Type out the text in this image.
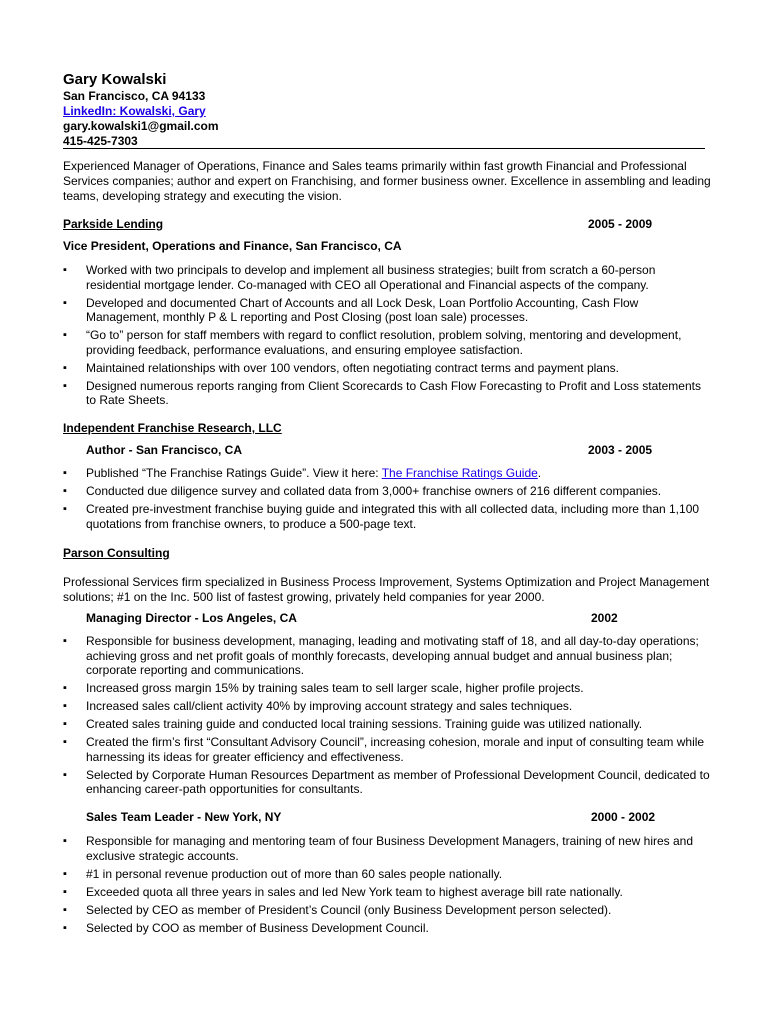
Gary Kowalski
San Francisco, CA 94133
LinkedIn: Kowalski, Gary
gary.kowalski1@gmail.com
415-425-7303
Experienced Manager of Operations, Finance and Sales teams primarily within fast growth Financial and Professional Services companies; author and expert on Franchising, and former business owner. Excellence in assembling and leading teams, developing strategy and executing the vision.
Parkside Lending	2005 - 2009
Vice President, Operations and Finance, San Francisco, CA
▪ Worked with two principals to develop and implement all business strategies; built from scratch a 60-person residential mortgage lender. Co-managed with CEO all Operational and Financial aspects of the company.
▪ Developed and documented Chart of Accounts and all Lock Desk, Loan Portfolio Accounting, Cash Flow Management, monthly P & L reporting and Post Closing (post loan sale) processes.
▪ “Go to” person for staff members with regard to conflict resolution, problem solving, mentoring and development, providing feedback, performance evaluations, and ensuring employee satisfaction.
▪ Maintained relationships with over 100 vendors, often negotiating contract terms and payment plans.
▪ Designed numerous reports ranging from Client Scorecards to Cash Flow Forecasting to Profit and Loss statements to Rate Sheets.
Independent Franchise Research, LLC
Author - San Francisco, CA	2003 - 2005
▪ Published “The Franchise Ratings Guide”. View it here: The Franchise Ratings Guide.
▪ Conducted due diligence survey and collated data from 3,000+ franchise owners of 216 different companies.
▪ Created pre-investment franchise buying guide and integrated this with all collected data, including more than 1,100 quotations from franchise owners, to produce a 500-page text.
Parson Consulting
Professional Services firm specialized in Business Process Improvement, Systems Optimization and Project Management solutions; #1 on the Inc. 500 list of fastest growing, privately held companies for year 2000.
Managing Director - Los Angeles, CA	2002
▪ Responsible for business development, managing, leading and motivating staff of 18, and all day-to-day operations; achieving gross and net profit goals of monthly forecasts, developing annual budget and annual business plan; corporate reporting and communications.
▪ Increased gross margin 15% by training sales team to sell larger scale, higher profile projects.
▪ Increased sales call/client activity 40% by improving account strategy and sales techniques.
▪ Created sales training guide and conducted local training sessions. Training guide was utilized nationally.
▪ Created the firm’s first “Consultant Advisory Council”, increasing cohesion, morale and input of consulting team while harnessing its ideas for greater efficiency and effectiveness.
▪ Selected by Corporate Human Resources Department as member of Professional Development Council, dedicated to enhancing career-path opportunities for consultants.
Sales Team Leader - New York, NY	2000 - 2002
▪ Responsible for managing and mentoring team of four Business Development Managers, training of new hires and exclusive strategic accounts.
▪ #1 in personal revenue production out of more than 60 sales people nationally.
▪ Exceeded quota all three years in sales and led New York team to highest average bill rate nationally.
▪ Selected by CEO as member of President’s Council (only Business Development person selected).
▪ Selected by COO as member of Business Development Council.
